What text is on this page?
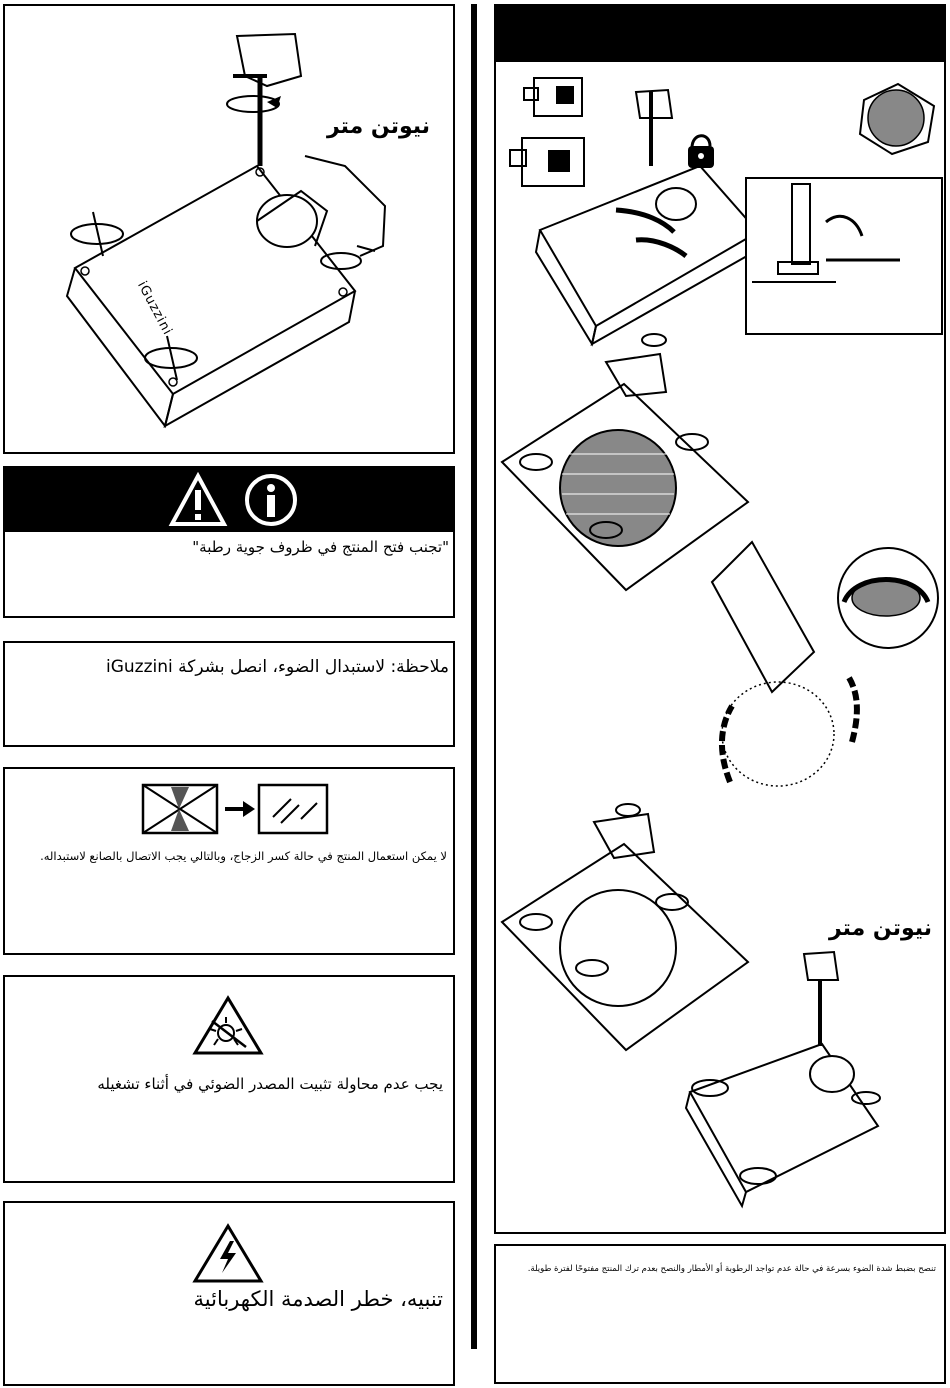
نيوتن متر
iGuzzini
"تجنب فتح المنتج في ظروف جوية رطبة"
ملاحظة: لاستبدال الضوء، انصل بشركة iGuzzini
لا يمكن استعمال المنتج في حالة كسر الزجاج، وبالتالي يجب الاتصال بالصانع لاستبداله.
يجب عدم محاولة تثبيت المصدر الضوئي في أثناء تشغيله
تنبيه، خطر الصدمة الكهربائية
نيوتن متر
تنصح بضبط شدة الضوء بسرعة في حالة عدم تواجد الرطوبة أو الأمطار والنصح بعدم ترك المنتج مفتوحًا لفترة طويلة.
